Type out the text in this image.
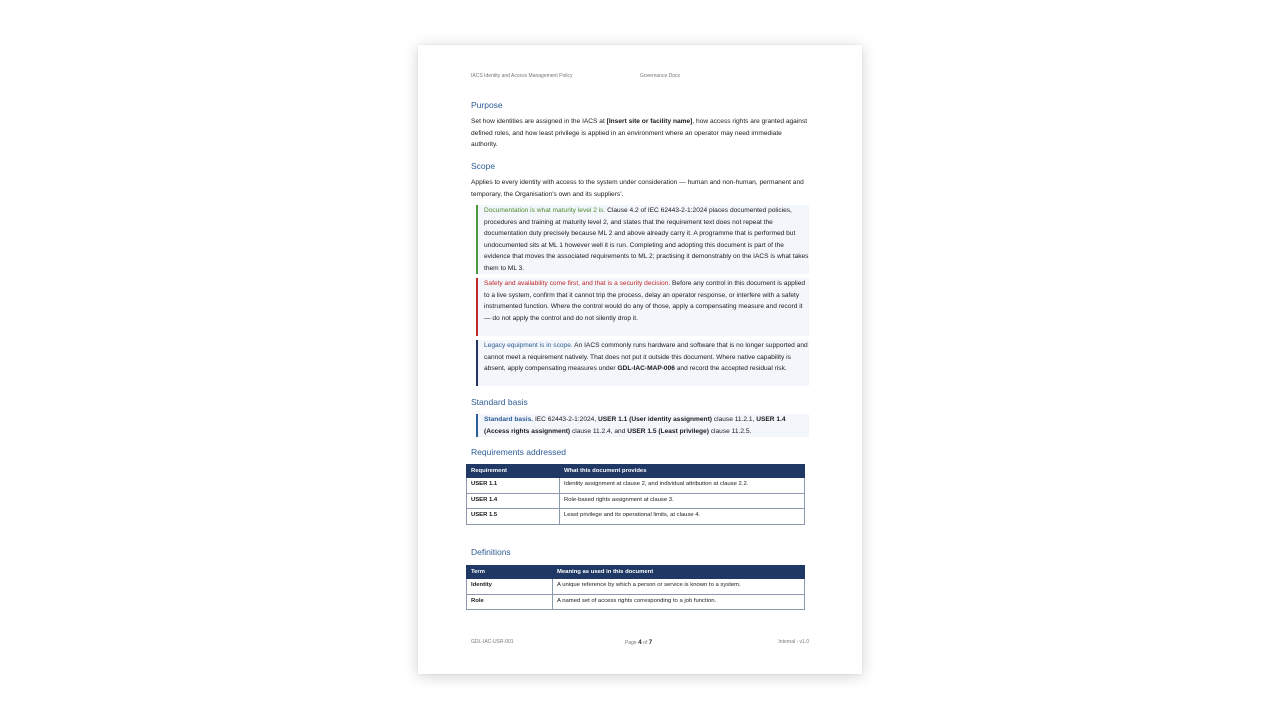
IACS Identity and Access Management Policy	Governance Docs
Purpose

Set how identities are assigned in the IACS at [Insert site or facility name], how access rights are granted against defined roles, and how least privilege is applied in an environment where an operator may need immediate authority.

Scope

Applies to every identity with access to the system under consideration — human and non-human, permanent and temporary, the Organisation's own and its suppliers'.

Documentation is what maturity level 2 is. Clause 4.2 of IEC 62443-2-1:2024 places documented policies, procedures and training at maturity level 2, and states that the requirement text does not repeat the documentation duty precisely because ML 2 and above already carry it. A programme that is performed but undocumented sits at ML 1 however well it is run. Completing and adopting this document is part of the evidence that moves the associated requirements to ML 2; practising it demonstrably on the IACS is what takes them to ML 3.
Safety and availability come first, and that is a security decision. Before any control in this document is applied to a live system, confirm that it cannot trip the process, delay an operator response, or interfere with a safety instrumented function. Where the control would do any of those, apply a compensating measure and record it — do not apply the control and do not silently drop it.
Legacy equipment is in scope. An IACS commonly runs hardware and software that is no longer supported and cannot meet a requirement natively. That does not put it outside this document. Where native capability is absent, apply compensating measures under GDL-IAC-MAP-006 and record the accepted residual risk.
Standard basis
Standard basis. IEC 62443-2-1:2024, USER 1.1 (User identity assignment) clause 11.2.1, USER 1.4 (Access rights assignment) clause 11.2.4, and USER 1.5 (Least privilege) clause 11.2.5.
Requirements addressed
Requirement	What this document provides
USER 1.1	Identity assignment at clause 2, and individual attribution at clause 2.2.
USER 1.4	Role-based rights assignment at clause 3.
USER 1.5	Least privilege and its operational limits, at clause 4.
Definitions
Term	Meaning as used in this document
Identity	A unique reference by which a person or service is known to a system.
Role	A named set of access rights corresponding to a job function.
GDL-IAC-USR-001	Page 4 of 7	Internal - v1.0
